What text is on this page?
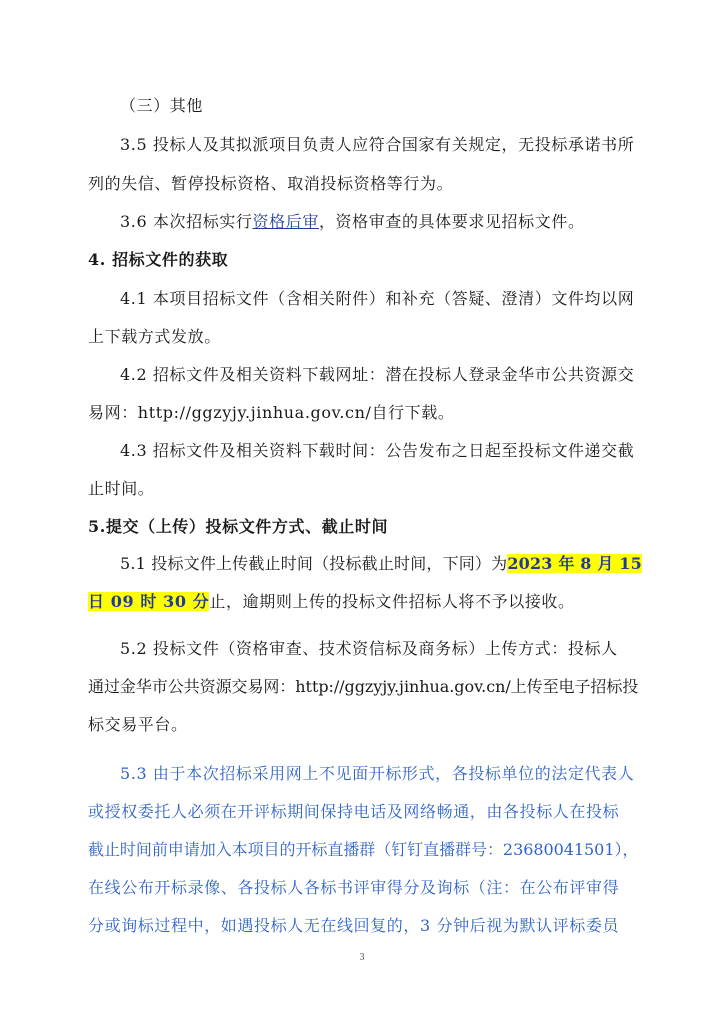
（三）其他
3.5 投标人及其拟派项目负责人应符合国家有关规定，无投标承诺书所
列的失信、暂停投标资格、取消投标资格等行为。
3.6 本次招标实行资格后审，资格审查的具体要求见招标文件。
4. 招标文件的获取
4.1 本项目招标文件（含相关附件）和补充（答疑、澄清）文件均以网
上下载方式发放。
4.2 招标文件及相关资料下载网址：潜在投标人登录金华市公共资源交
易网：http://ggzyjy.jinhua.gov.cn/自行下载。
4.3 招标文件及相关资料下载时间：公告发布之日起至投标文件递交截
止时间。
5.提交（上传）投标文件方式、截止时间
5.1 投标文件上传截止时间（投标截止时间，下同）为2023 年 8 月 15
日 09 时 30 分止，逾期则上传的投标文件招标人将不予以接收。
5.2 投标文件（资格审查、技术资信标及商务标）上传方式：投标人
通过金华市公共资源交易网：http://ggzyjy.jinhua.gov.cn/上传至电子招标投
标交易平台。
5.3 由于本次招标采用网上不见面开标形式，各投标单位的法定代表人
或授权委托人必须在开评标期间保持电话及网络畅通，由各投标人在投标
截止时间前申请加入本项目的开标直播群（钉钉直播群号：23680041501），
在线公布开标录像、各投标人各标书评审得分及询标（注：在公布评审得
分或询标过程中，如遇投标人无在线回复的，3 分钟后视为默认评标委员
3
